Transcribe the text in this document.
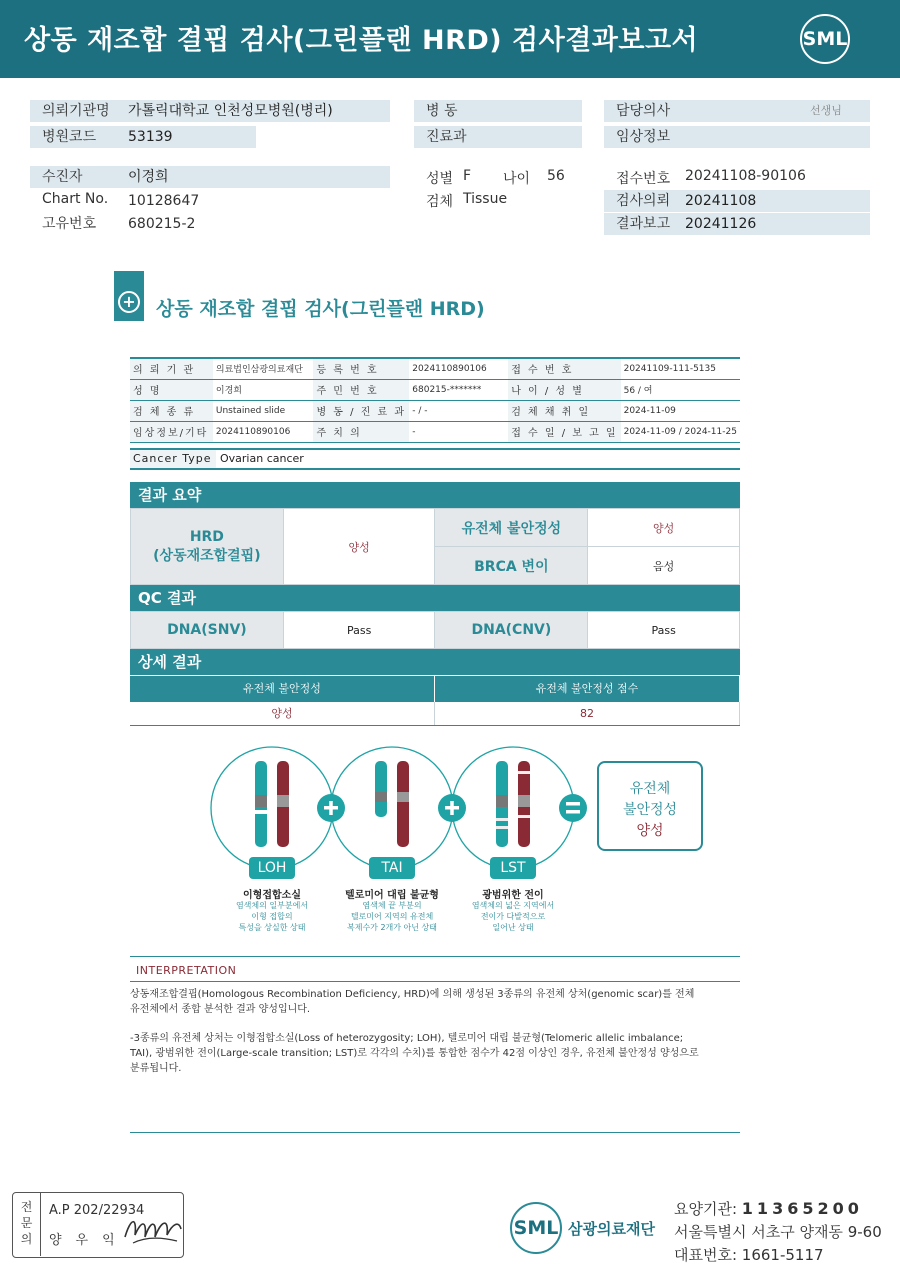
상동 재조합 결핍 검사(그린플랜 HRD) 검사결과보고서	SML
의뢰기관명 가톨릭대학교 인천성모병원(병리)
병원코드 53139
병 동
진료과
담당의사	선생님
임상정보
수진자	이경희
Chart No. 10128647
고유번호 680215-2
성별 F 나이 56
검체 Tissue
접수번호 20241108-90106
검사의뢰 20241108
결과보고 20241126
+ 상동 재조합 결핍 검사(그린플랜 HRD)
의 뢰 기 관	의료법인삼광의료재단	등 록 번 호	2024110890106	접 수 번 호	20241109-111-5135
성 명	이경희	주 민 번 호	680215-*******	나 이 / 성 별	56 / 여
검 체 종 류	Unstained slide	병 동 / 진 료 과	- / -	검 체 채 취 일	2024-11-09
임상정보/기타	2024110890106	주 치 의	-	접 수 일 / 보 고 일	2024-11-09 / 2024-11-25
Cancer Type Ovarian cancer
결과 요약
HRD
(상동재조합결핍)	양성	유전체 불안정성	양성
		BRCA 변이	음성
QC 결과
DNA(SNV)	Pass	DNA(CNV)	Pass
상세 결과
유전체 불안정성	유전체 불안정성 점수
양성	82
LOH	TAI	LST
이형접합소실
염색체의 일부분에서
이형 접합의
특성을 상실한 상태
텔로미어 대립 불균형
염색체 끝 부분의
텔로미어 지역의 유전체
복제수가 2개가 아닌 상태
광범위한 전이
염색체의 넓은 지역에서
전이가 다발적으로
일어난 상태
유전체
불안정성
양성
INTERPRETATION
상동재조합결핍(Homologous Recombination Deficiency, HRD)에 의해 생성된 3종류의 유전체 상처(genomic scar)를 전체
유전체에서 종합 분석한 결과 양성입니다.
-3종류의 유전체 상처는 이형접합소실(Loss of heterozygosity; LOH), 텔로미어 대립 불균형(Telomeric allelic imbalance;
TAI), 광범위한 전이(Large-scale transition; LST)로 각각의 수치)를 통합한 점수가 42점 이상인 경우, 유전체 불안정성 양성으로
분류됩니다.
전
문
의
A.P 202/22934
양우익
SML 삼광의료재단
요양기관: 11365200
서울특별시 서초구 양재동 9-60
대표번호: 1661-5117
